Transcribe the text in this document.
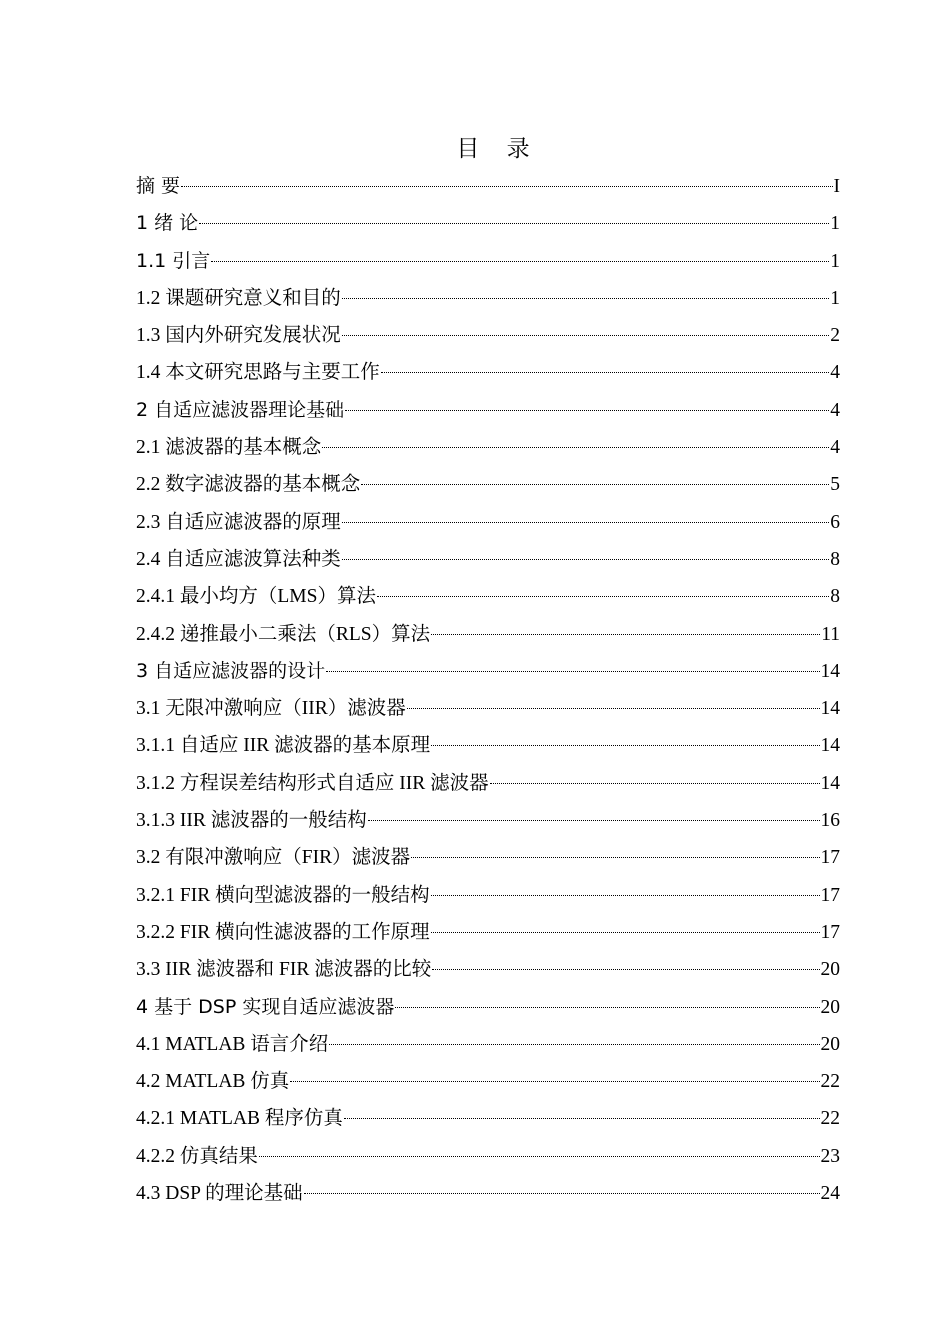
目 录
摘 要	I
1 绪 论	1
1.1 引言	1
1.2 课题研究意义和目的	1
1.3 国内外研究发展状况	2
1.4 本文研究思路与主要工作	4
2 自适应滤波器理论基础	4
2.1 滤波器的基本概念	4
2.2 数字滤波器的基本概念	5
2.3 自适应滤波器的原理	6
2.4 自适应滤波算法种类	8
2.4.1 最小均方（LMS）算法	8
2.4.2 递推最小二乘法（RLS）算法	11
3 自适应滤波器的设计	14
3.1 无限冲激响应（IIR）滤波器	14
3.1.1 自适应 IIR 滤波器的基本原理	14
3.1.2 方程误差结构形式自适应 IIR 滤波器	14
3.1.3 IIR 滤波器的一般结构	16
3.2 有限冲激响应（FIR）滤波器	17
3.2.1 FIR 横向型滤波器的一般结构	17
3.2.2 FIR 横向性滤波器的工作原理	17
3.3 IIR 滤波器和 FIR 滤波器的比较	20
4 基于 DSP 实现自适应滤波器	20
4.1 MATLAB 语言介绍	20
4.2 MATLAB 仿真	22
4.2.1 MATLAB 程序仿真	22
4.2.2 仿真结果	23
4.3 DSP 的理论基础	24
